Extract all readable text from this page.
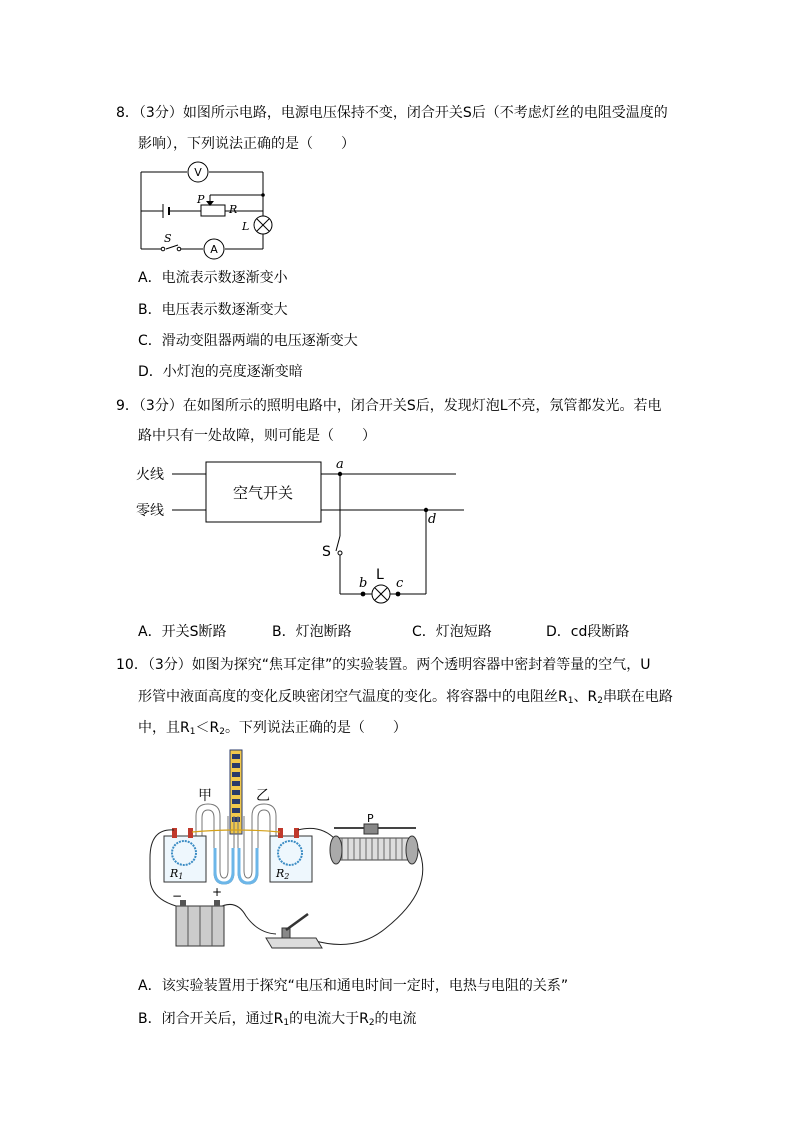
8．（3分）如图所示电路，电源电压保持不变，闭合开关S后（不考虑灯丝的电阻受温度的
影响），下列说法正确的是（　　）
V
A
P
R
L
S
A．电流表示数逐渐变小
B．电压表示数逐渐变大
C．滑动变阻器两端的电压逐渐变大
D．小灯泡的亮度逐渐变暗
9．（3分）在如图所示的照明电路中，闭合开关S后，发现灯泡L不亮，氖管都发光。若电
路中只有一处故障，则可能是（　　）
火线
零线
空气开关
a
d
S
L
b c
A．开关S断路	B．灯泡断路	C．灯泡短路	D．cd段断路
10．（3分）如图为探究“焦耳定律”的实验装置。两个透明容器中密封着等量的空气，U
形管中液面高度的变化反映密闭空气温度的变化。将容器中的电阻丝$R_1$、$R_2$串联在电路
中，且$R_1<R_2$。下列说法正确的是（　　）
甲	乙
P
R1	R2
− +
A．该实验装置用于探究“电压和通电时间一定时，电热与电阻的关系”
B．闭合开关后，通过$R_1$的电流大于$R_2$的电流
